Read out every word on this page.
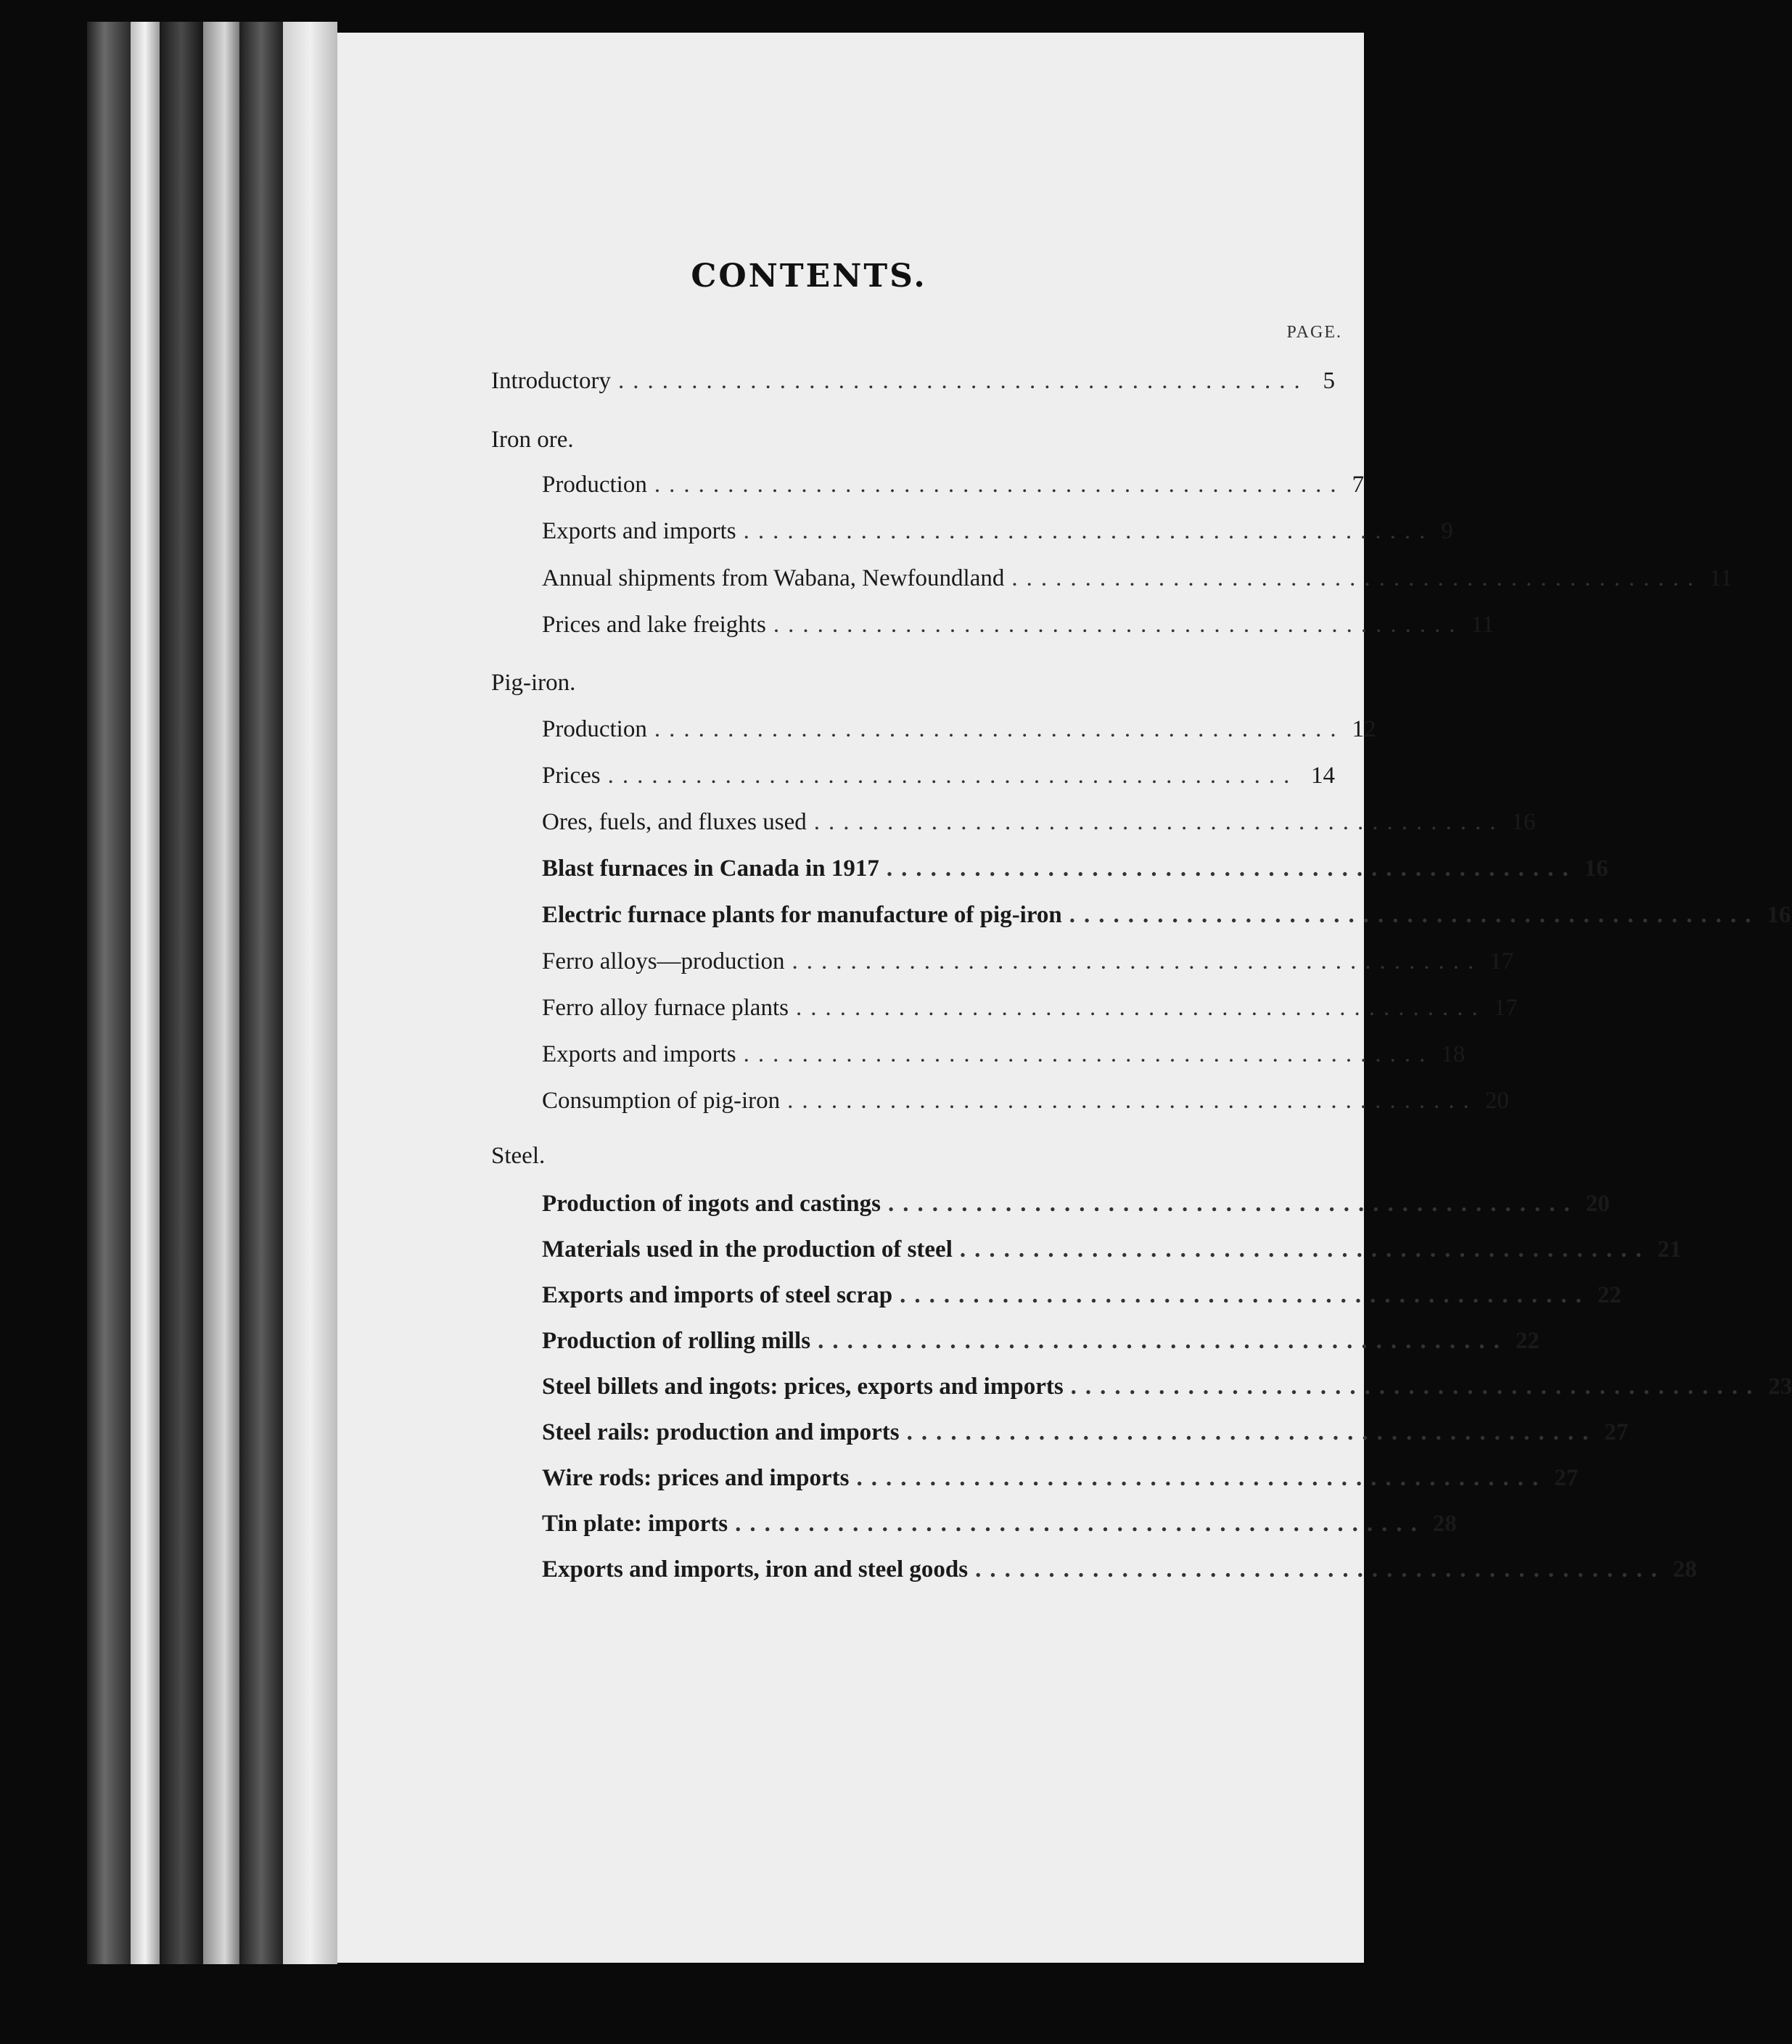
CONTENTS.
PAGE.
Introductory ............................................... 5
Iron ore.
Production ............................................... 7
Exports and imports ............................................... 9
Annual shipments from Wabana, Newfoundland ............................................... 11
Prices and lake freights ............................................... 11
Pig-iron.
Production ............................................... 12
Prices ............................................... 14
Ores, fuels, and fluxes used ............................................... 16
Blast furnaces in Canada in 1917 ............................................... 16
Electric furnace plants for manufacture of pig-iron ............................................... 16
Ferro alloys—production ............................................... 17
Ferro alloy furnace plants ............................................... 17
Exports and imports ............................................... 18
Consumption of pig-iron ............................................... 20
Steel.
Production of ingots and castings ............................................... 20
Materials used in the production of steel ............................................... 21
Exports and imports of steel scrap ............................................... 22
Production of rolling mills ............................................... 22
Steel billets and ingots: prices, exports and imports ............................................... 23
Steel rails: production and imports ............................................... 27
Wire rods: prices and imports ............................................... 27
Tin plate: imports ............................................... 28
Exports and imports, iron and steel goods ............................................... 28
